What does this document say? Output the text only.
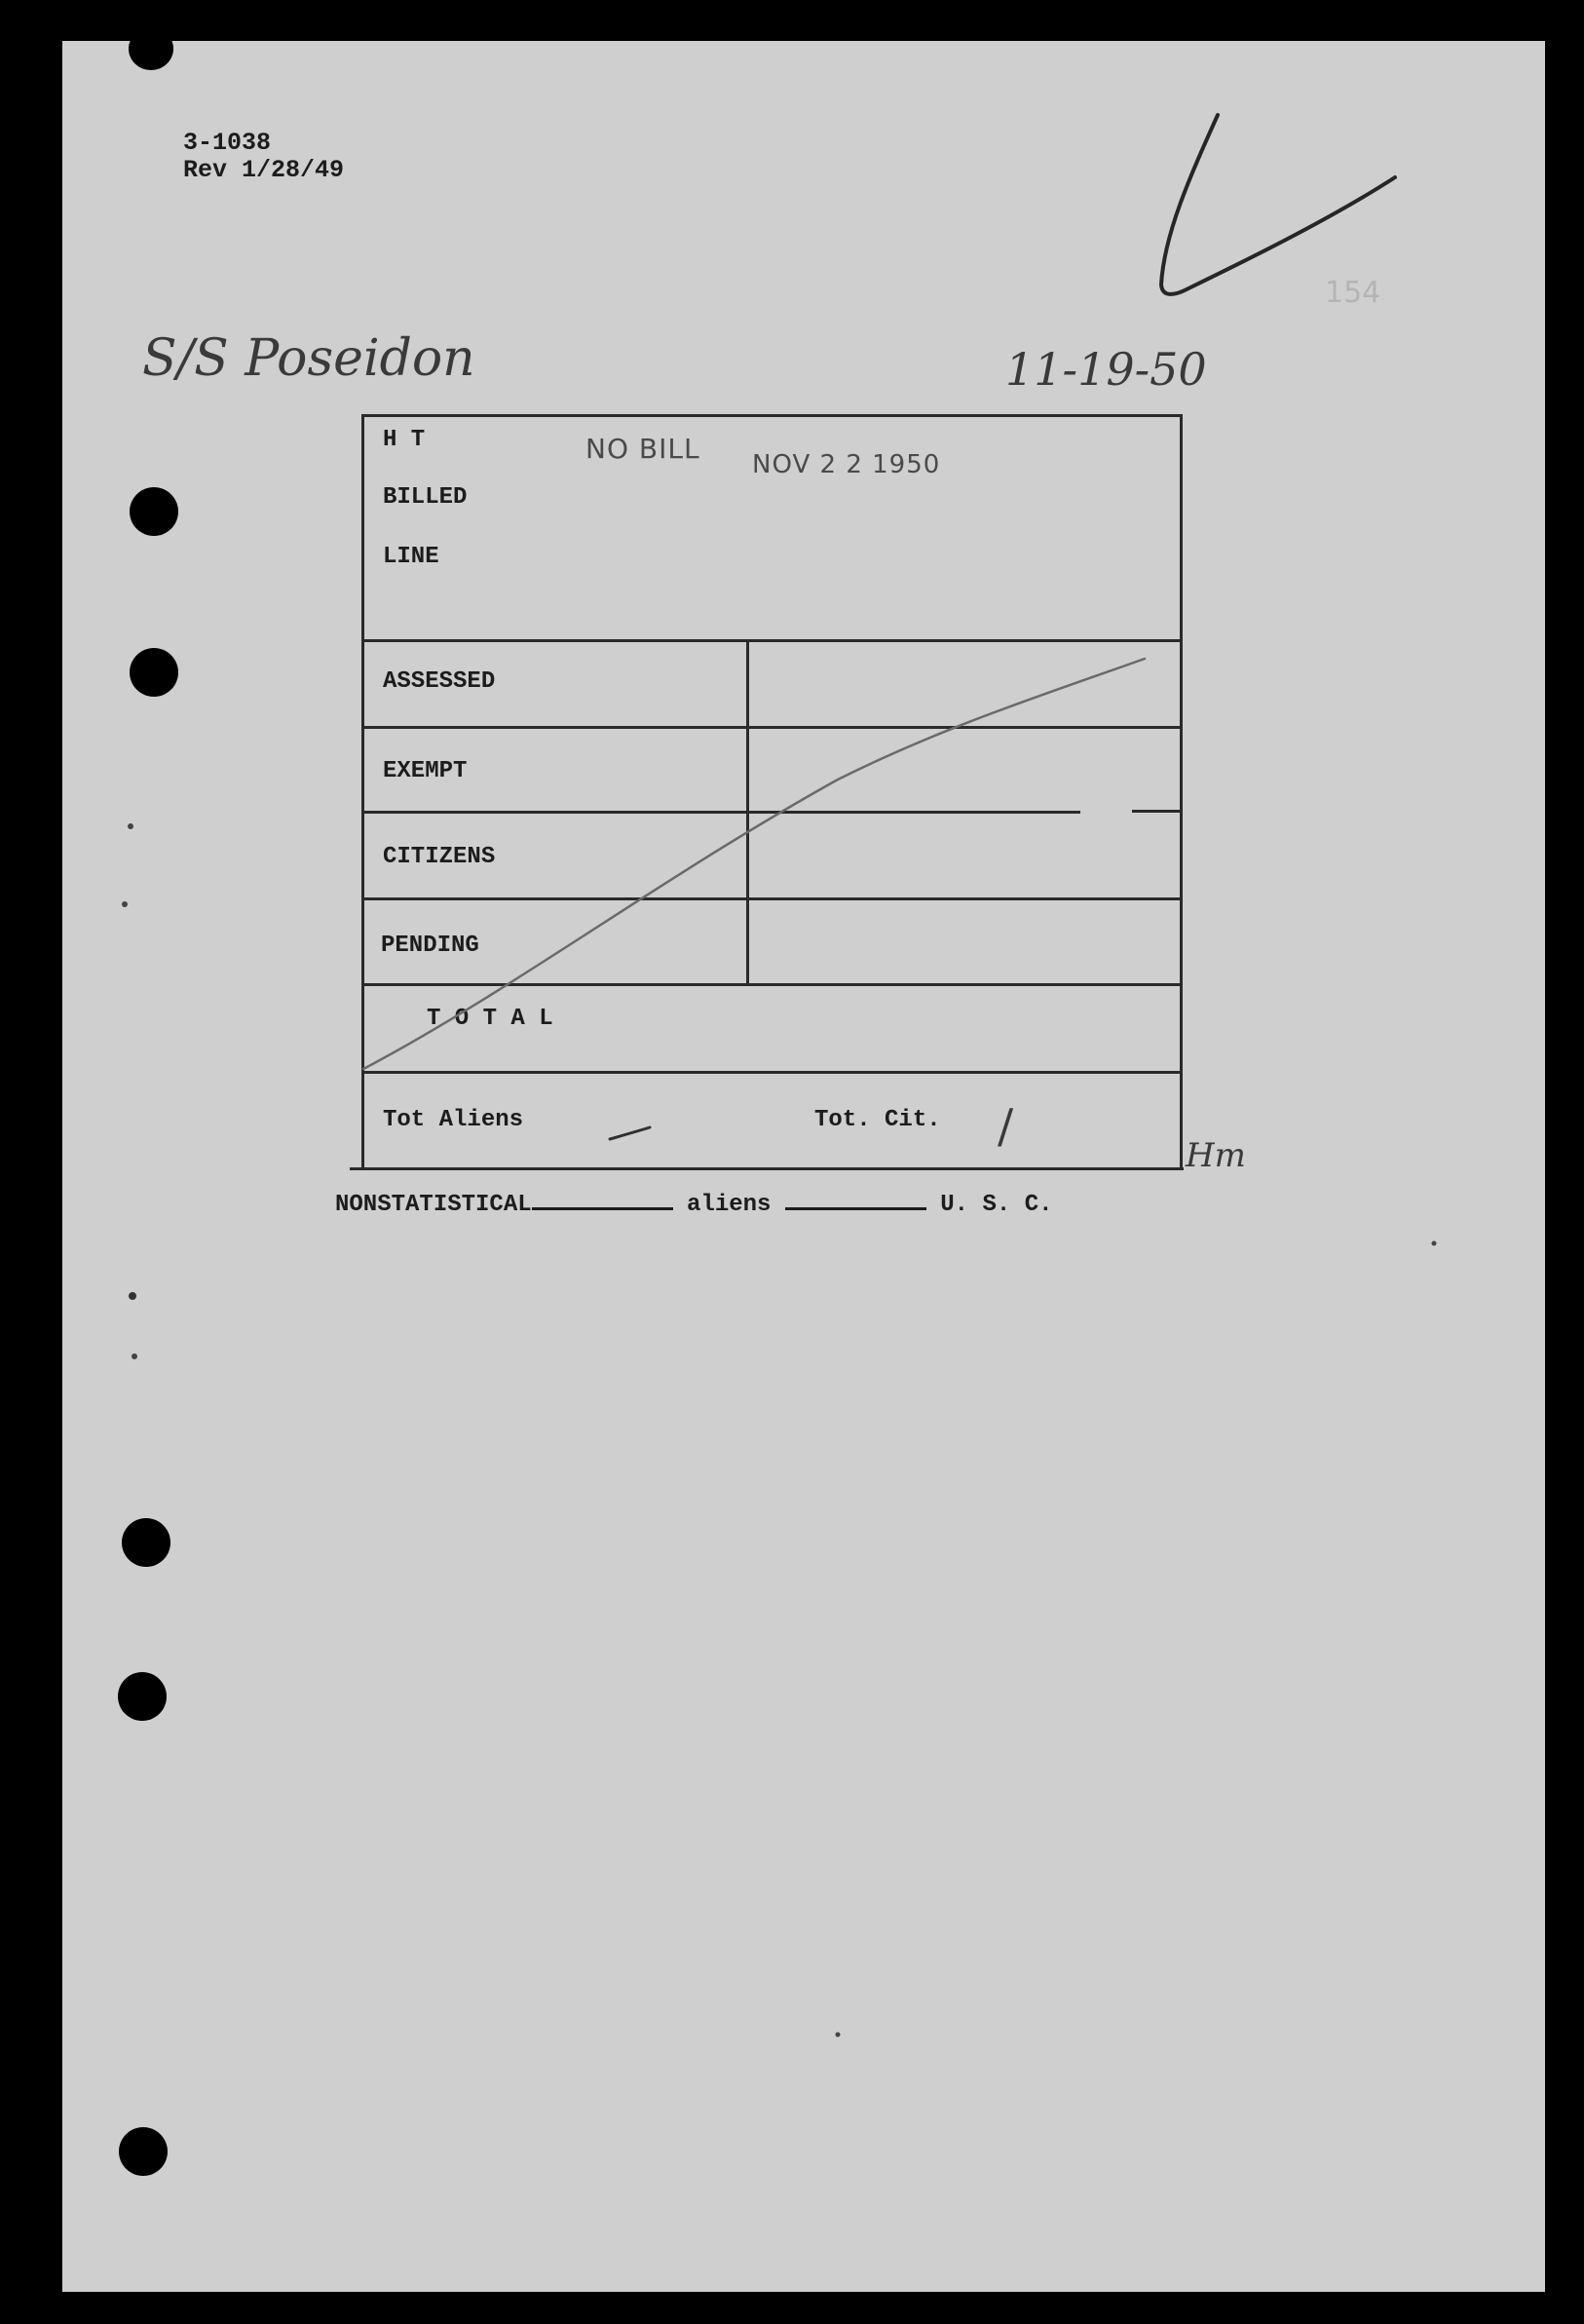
3-1038
Rev 1/28/49
S/S Poseidon	11-19-50
154
H T
BILLED
LINE
NO BILL NOV 2 2 1950
ASSESSED
EXEMPT
CITIZENS
PENDING
T O T A L
Tot Aliens	Tot. Cit. /
Hm
NONSTATISTICAL	aliens	U. S. C.
